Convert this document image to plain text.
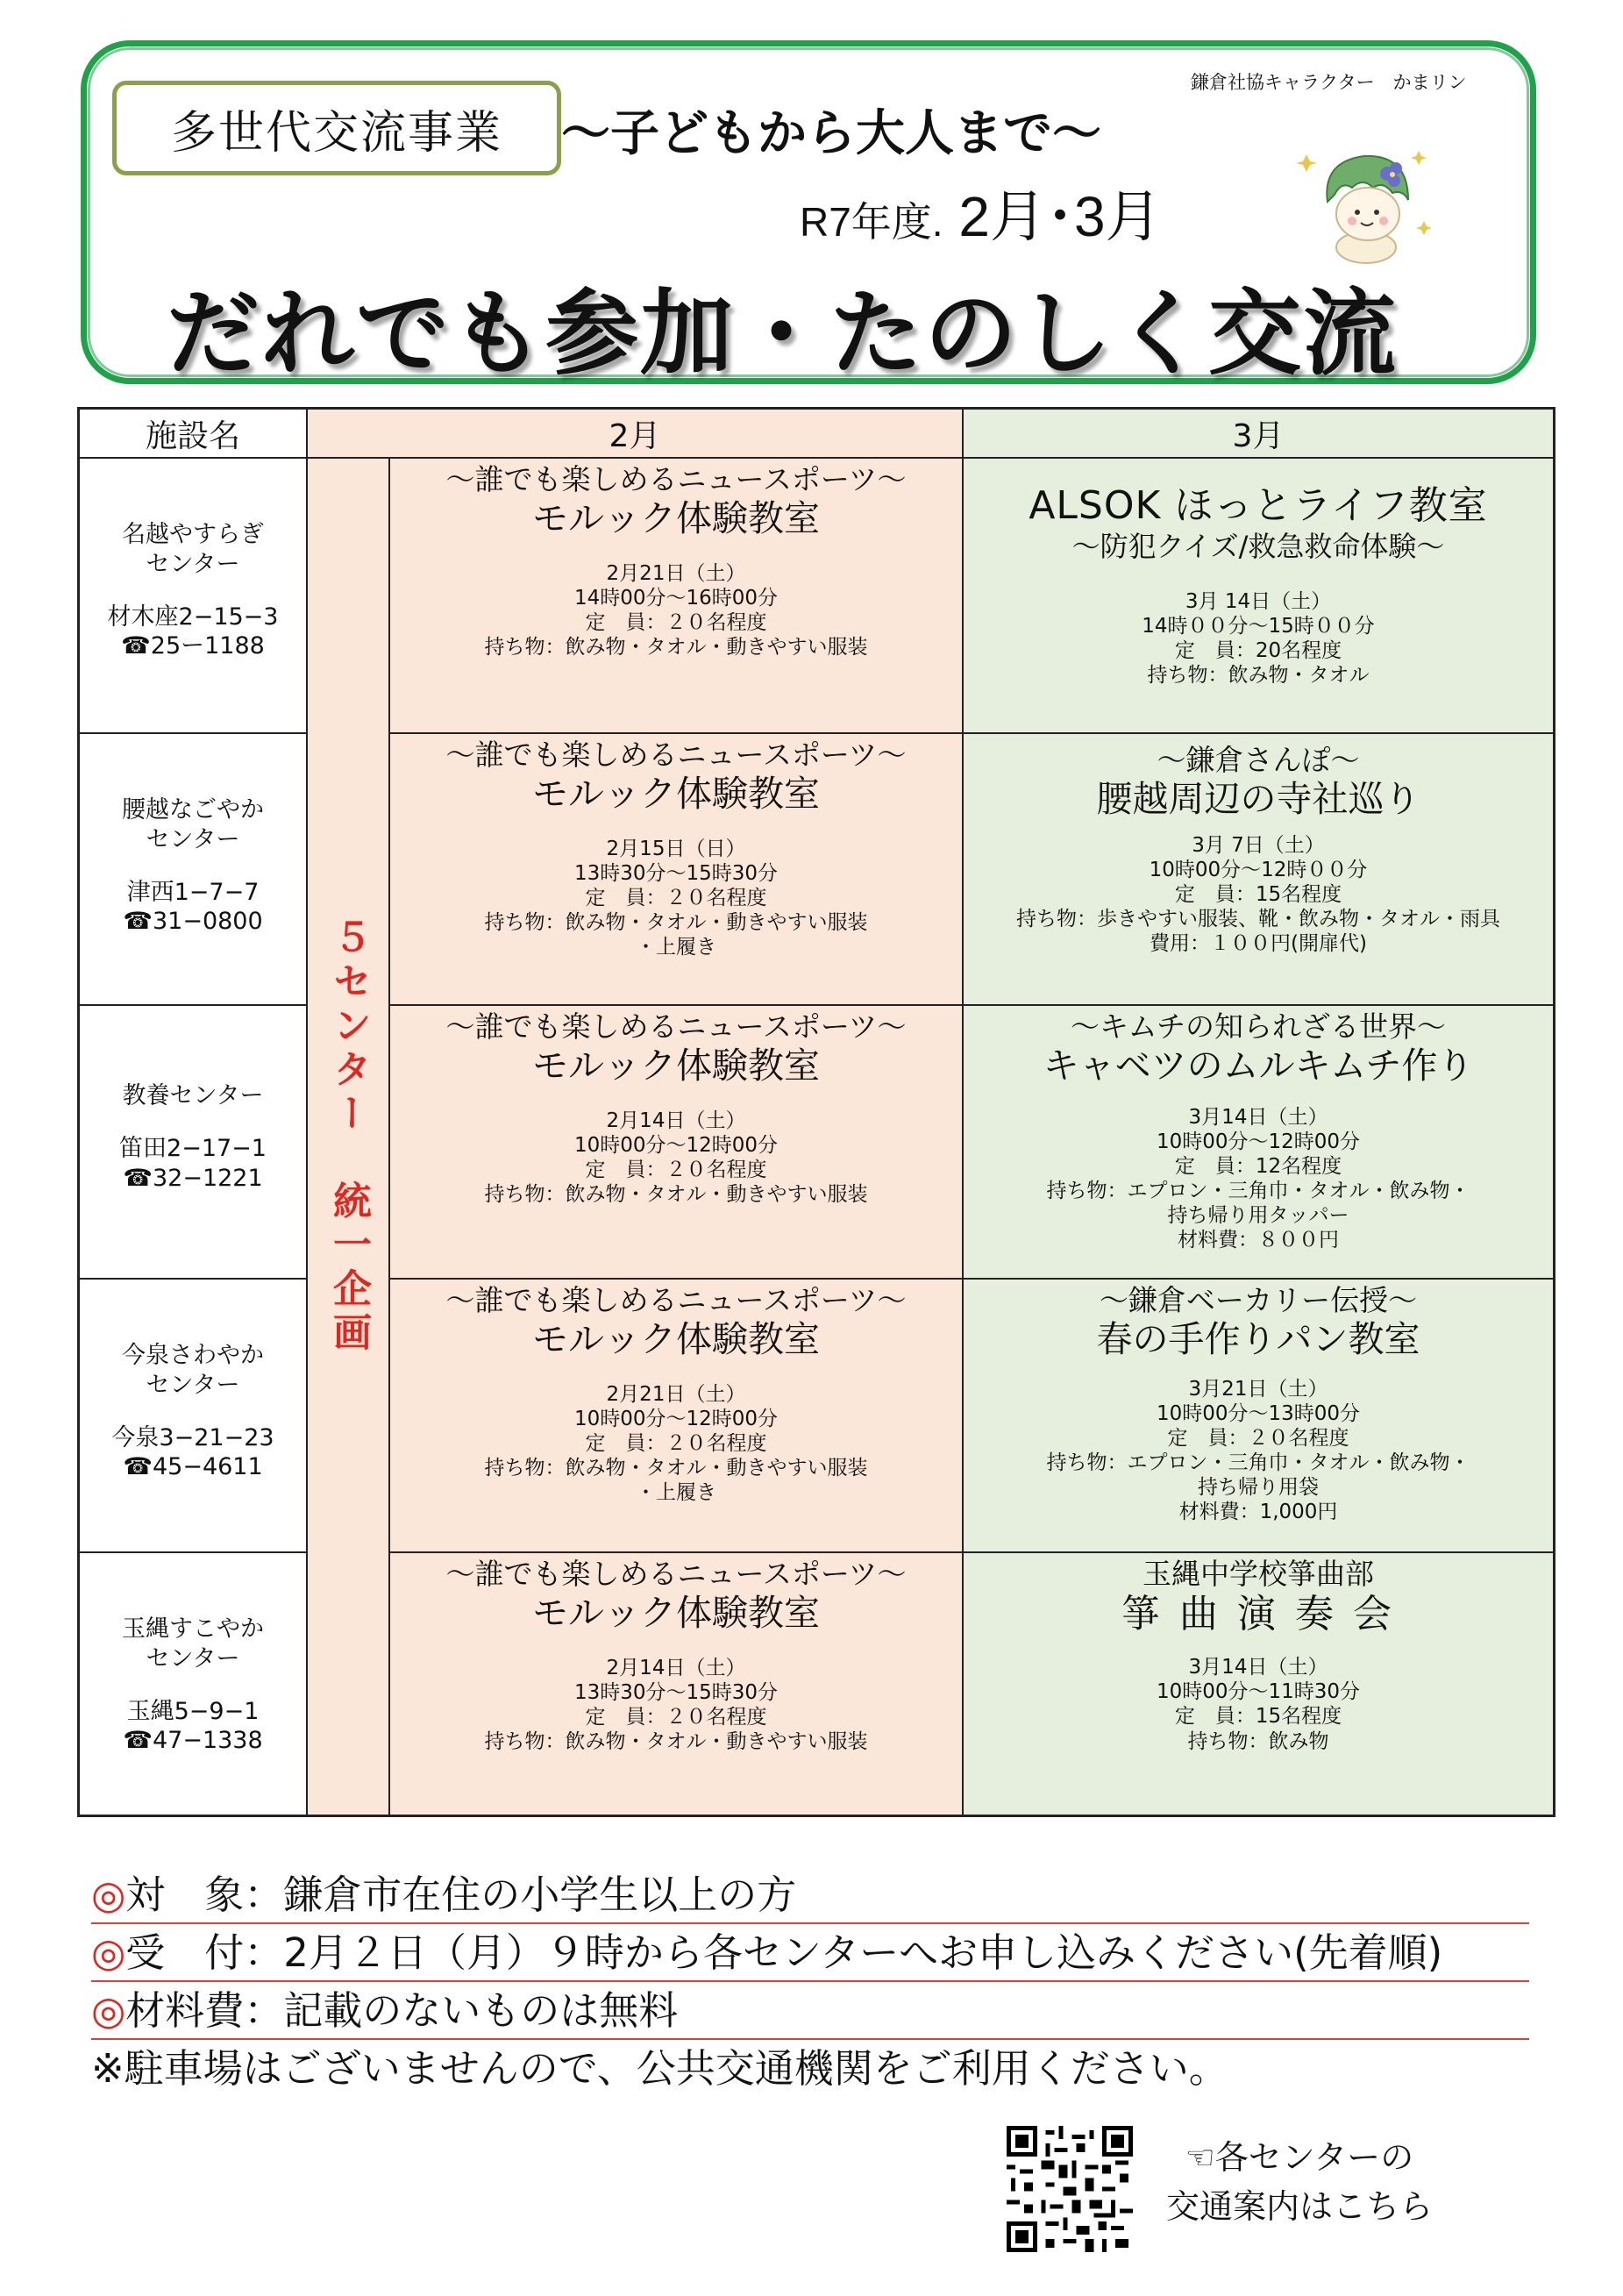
多世代交流事業 〜子どもから大人まで〜
R7年度. 2月･3月
鎌倉社協キャラクター　かまリン
だれでも参加・たのしく交流
施設名	2月	3月
５センター　統一企画
名越やすらぎ
センター
材木座2−15−3
☎25ー1188
〜誰でも楽しめるニュースポーツ〜
モルック体験教室
2月21日（土）
14時00分〜16時00分
定　員：２０名程度
持ち物：飲み物・タオル・動きやすい服装
ALSOK ほっとライフ教室
〜防犯クイズ/救急救命体験〜
3月 14日（土）
14時００分〜15時００分
定　員：20名程度
持ち物：飲み物・タオル
腰越なごやか
センター
津西1−7−7
☎31−0800
〜誰でも楽しめるニュースポーツ〜
モルック体験教室
2月15日（日）
13時30分〜15時30分
定　員：２０名程度
持ち物：飲み物・タオル・動きやすい服装
・上履き
〜鎌倉さんぽ〜
腰越周辺の寺社巡り
3月 7日（土）
10時00分〜12時００分
定　員：15名程度
持ち物：歩きやすい服装、靴・飲み物・タオル・雨具
費用：１００円(開扉代)
教養センター
笛田2−17−1
☎32−1221
〜誰でも楽しめるニュースポーツ〜
モルック体験教室
2月14日（土）
10時00分〜12時00分
定　員：２０名程度
持ち物：飲み物・タオル・動きやすい服装
〜キムチの知られざる世界〜
キャベツのムルキムチ作り
3月14日（土）
10時00分〜12時00分
定　員：12名程度
持ち物：エプロン・三角巾・タオル・飲み物・
持ち帰り用タッパー
材料費：８００円
今泉さわやか
センター
今泉3−21−23
☎45−4611
〜誰でも楽しめるニュースポーツ〜
モルック体験教室
2月21日（土）
10時00分〜12時00分
定　員：２０名程度
持ち物：飲み物・タオル・動きやすい服装
・上履き
〜鎌倉ベーカリー伝授〜
春の手作りパン教室
3月21日（土）
10時00分〜13時00分
定　員：２０名程度
持ち物：エプロン・三角巾・タオル・飲み物・
持ち帰り用袋
材料費：1,000円
玉縄すこやか
センター
玉縄5−9−1
☎47−1338
〜誰でも楽しめるニュースポーツ〜
モルック体験教室
2月14日（土）
13時30分〜15時30分
定　員：２０名程度
持ち物：飲み物・タオル・動きやすい服装
玉縄中学校箏曲部
箏 曲 演 奏 会
3月14日（土）
10時00分〜11時30分
定　員：15名程度
持ち物：飲み物
◎対　象：鎌倉市在住の小学生以上の方
◎受　付：2月２日（月）９時から各センターへお申し込みください(先着順)
◎材料費：記載のないものは無料
※駐車場はございませんので、公共交通機関をご利用ください。
☜各センターの
交通案内はこちら
